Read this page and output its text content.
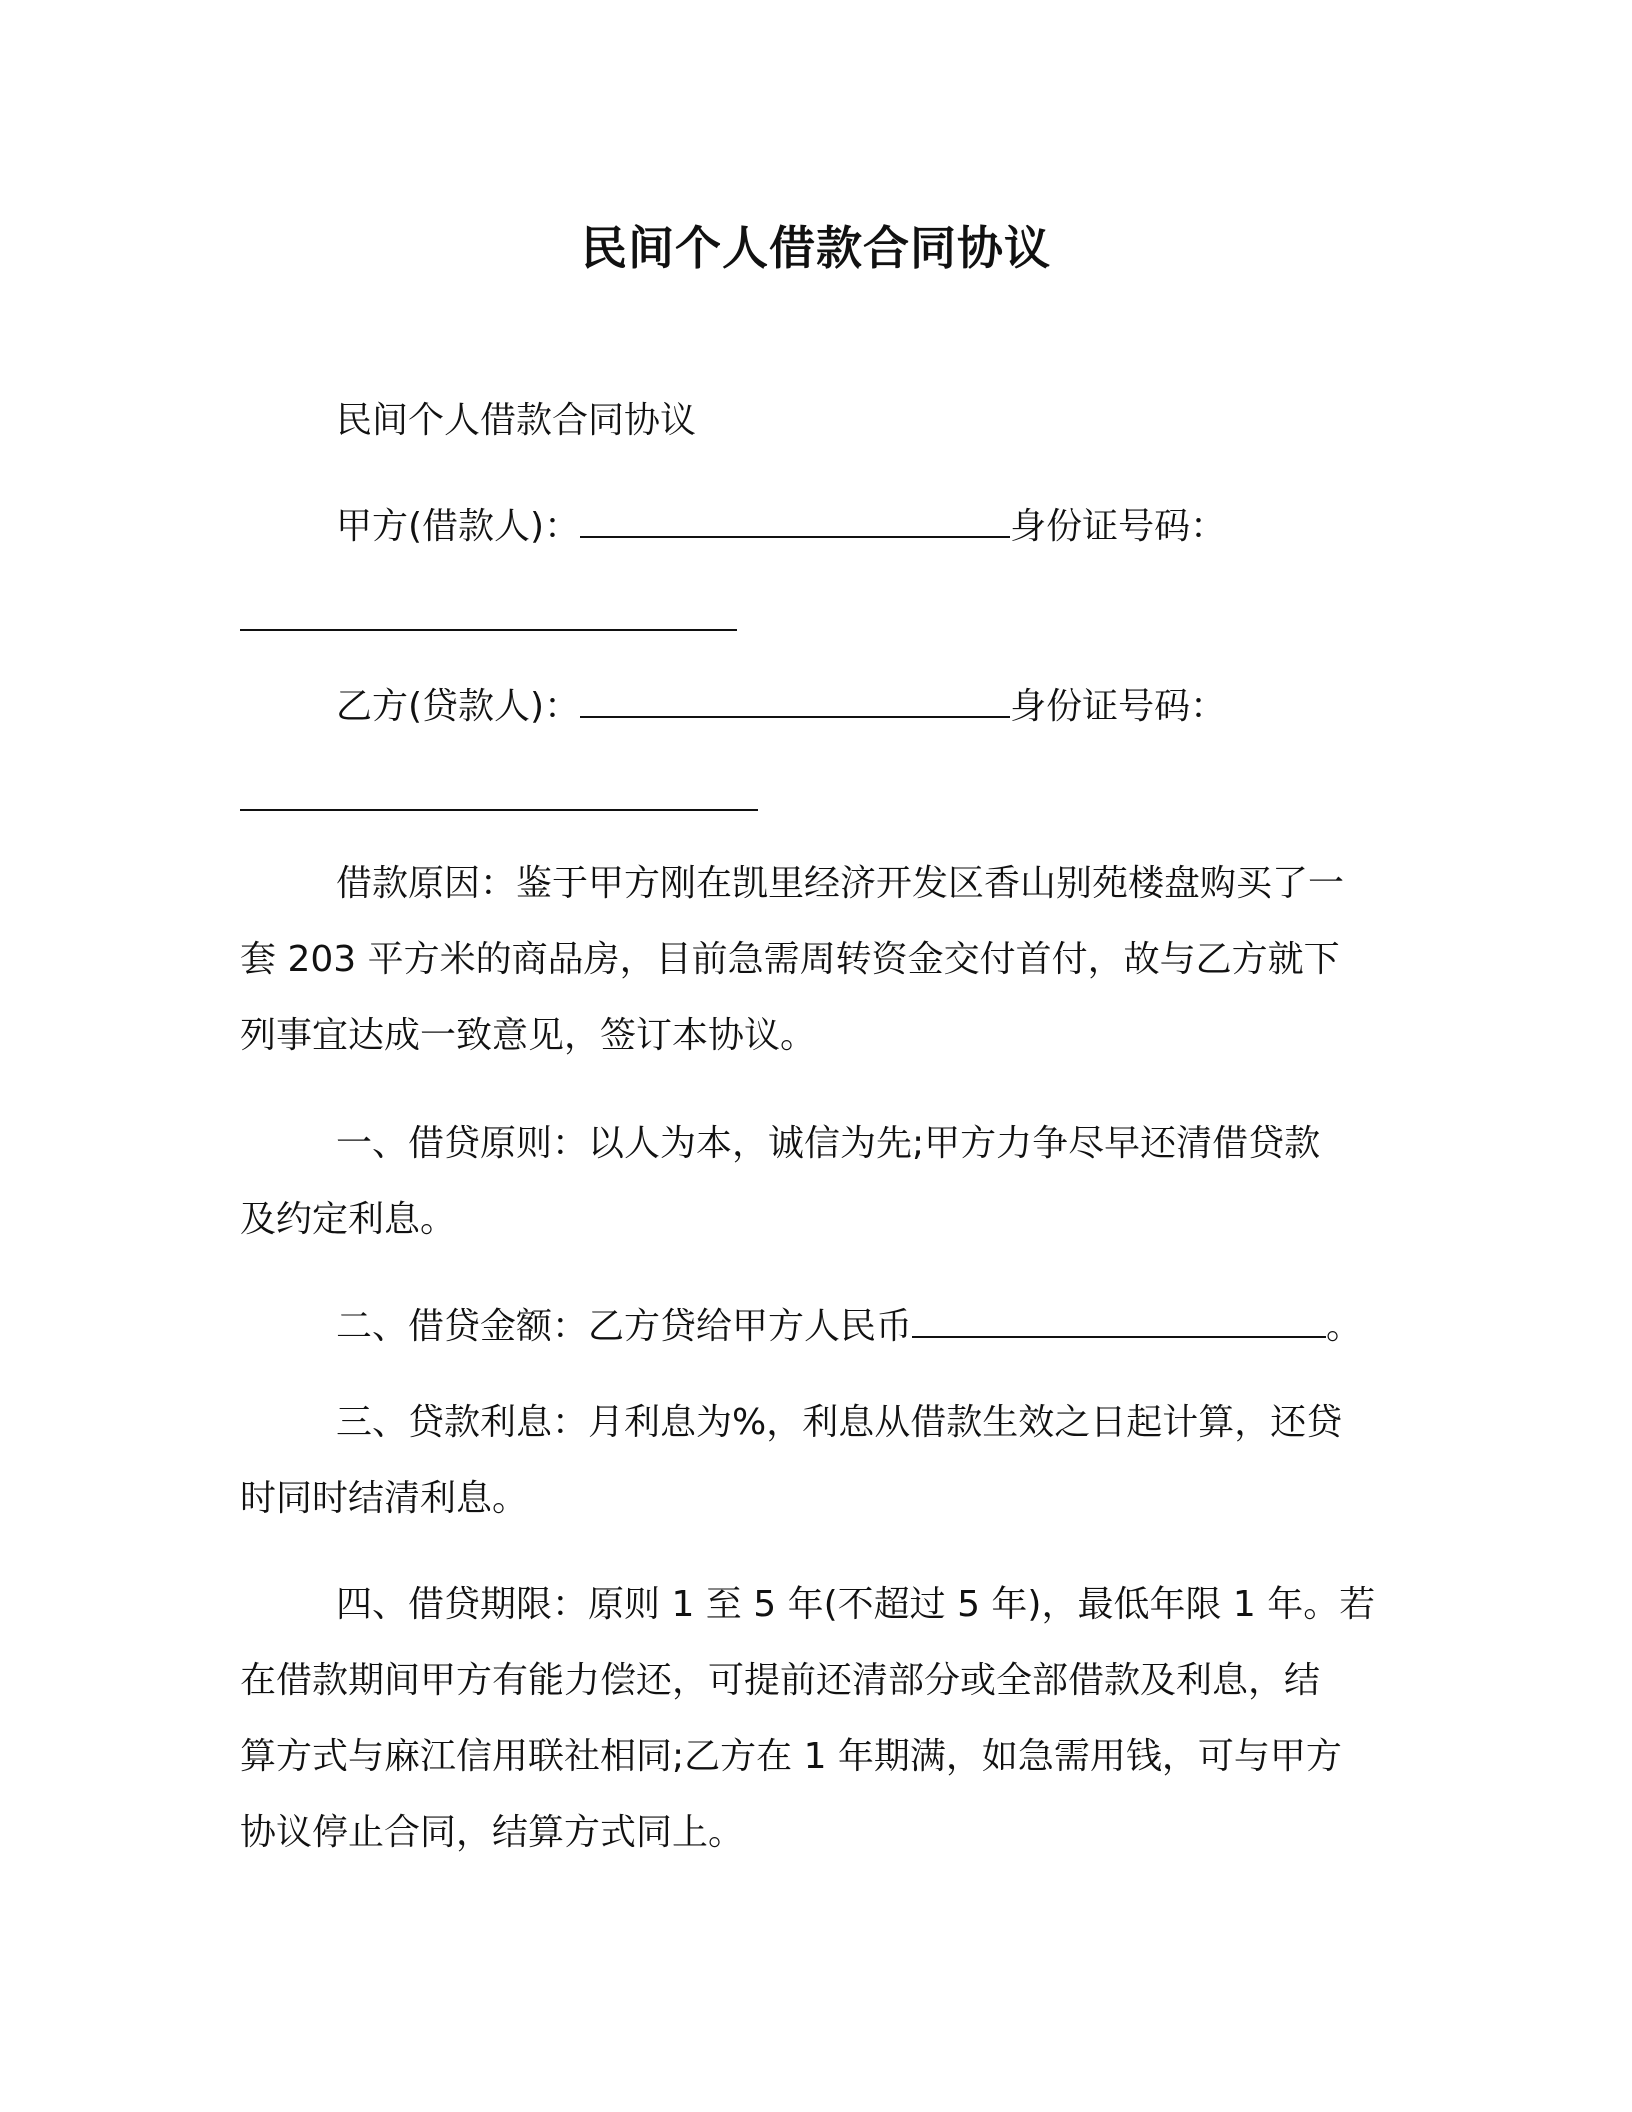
民间个人借款合同协议
民间个人借款合同协议
甲方(借款人)：	身份证号码：
乙方(贷款人)：	身份证号码：
借款原因：鉴于甲方刚在凯里经济开发区香山别苑楼盘购买了一
套 203 平方米的商品房，目前急需周转资金交付首付，故与乙方就下
列事宜达成一致意见，签订本协议。
一、借贷原则：以人为本，诚信为先;甲方力争尽早还清借贷款
及约定利息。
二、借贷金额：乙方贷给甲方人民币	。
三、贷款利息：月利息为%，利息从借款生效之日起计算，还贷
时同时结清利息。
四、借贷期限：原则 1 至 5 年(不超过 5 年)，最低年限 1 年。若
在借款期间甲方有能力偿还，可提前还清部分或全部借款及利息，结
算方式与麻江信用联社相同;乙方在 1 年期满，如急需用钱，可与甲方
协议停止合同，结算方式同上。
